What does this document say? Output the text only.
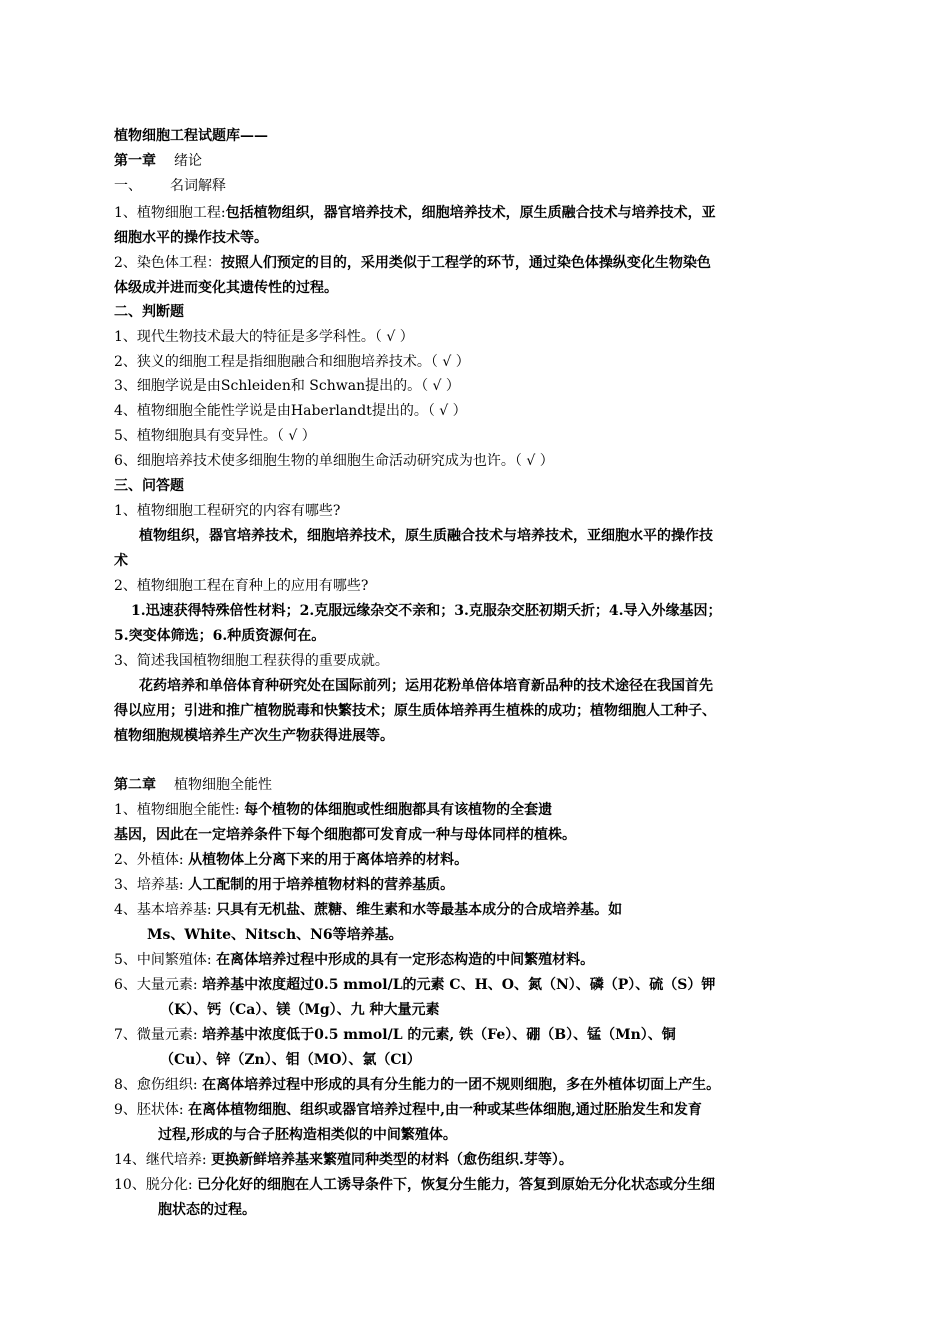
植物细胞工程试题库——
第一章 绪论
一、 名词解释
1、植物细胞工程:包括植物组织，器官培养技术，细胞培养技术，原生质融合技术与培养技术，亚
细胞水平的操作技术等。
2、染色体工程：按照人们预定的目的，采用类似于工程学的环节，通过染色体操纵变化生物染色
体级成并进而变化其遗传性的过程。
二、判断题
1、现代生物技术最大的特征是多学科性。（ √ ）
2、狭义的细胞工程是指细胞融合和细胞培养技术。（ √ ）
3、细胞学说是由Schleiden和 Schwan提出的。（ √ ）
4、植物细胞全能性学说是由Haberlandt提出的。（ √ ）
5、植物细胞具有变异性。（ √ ）
6、细胞培养技术使多细胞生物的单细胞生命活动研究成为也许。（ √ ）
三、问答题
1、植物细胞工程研究的内容有哪些?
植物组织，器官培养技术，细胞培养技术，原生质融合技术与培养技术，亚细胞水平的操作技
术
2、植物细胞工程在育种上的应用有哪些?
1.迅速获得特殊倍性材料；2.克服远缘杂交不亲和；3.克服杂交胚初期夭折；4.导入外缘基因；
5.突变体筛选；6.种质资源何在。
3、简述我国植物细胞工程获得的重要成就。
花药培养和单倍体育种研究处在国际前列；运用花粉单倍体培育新品种的技术途径在我国首先
得以应用；引进和推广植物脱毒和快繁技术；原生质体培养再生植株的成功；植物细胞人工种子、
植物细胞规模培养生产次生产物获得进展等。
第二章 植物细胞全能性
1、植物细胞全能性: 每个植物的体细胞或性细胞都具有该植物的全套遗
基因，因此在一定培养条件下每个细胞都可发育成一种与母体同样的植株。
2、外植体: 从植物体上分离下来的用于离体培养的材料。
3、培养基: 人工配制的用于培养植物材料的营养基质。
4、基本培养基: 只具有无机盐、蔗糖、维生素和水等最基本成分的合成培养基。如
Ms、White、Nitsch、N6等培养基。
5、中间繁殖体: 在离体培养过程中形成的具有一定形态构造的中间繁殖材料。
6、大量元素: 培养基中浓度超过0.5 mmol/L的元素 C、H、O、氮（N）、磷（P）、硫（S）钾
（K）、钙（Ca）、镁（Mg）、九 种大量元素
7、微量元素: 培养基中浓度低于0.5 mmol/L 的元素, 铁（Fe）、硼（B）、锰（Mn）、铜
（Cu）、锌（Zn）、钼（MO）、氯（Cl）
8、愈伤组织: 在离体培养过程中形成的具有分生能力的一团不规则细胞，多在外植体切面上产生。
9、胚状体: 在离体植物细胞、组织或器官培养过程中,由一种或某些体细胞,通过胚胎发生和发育
过程,形成的与合子胚构造相类似的中间繁殖体。
14、继代培养: 更换新鲜培养基来繁殖同种类型的材料（愈伤组织.芽等）。
10、脱分化: 已分化好的细胞在人工诱导条件下，恢复分生能力，答复到原始无分化状态或分生细
胞状态的过程。
